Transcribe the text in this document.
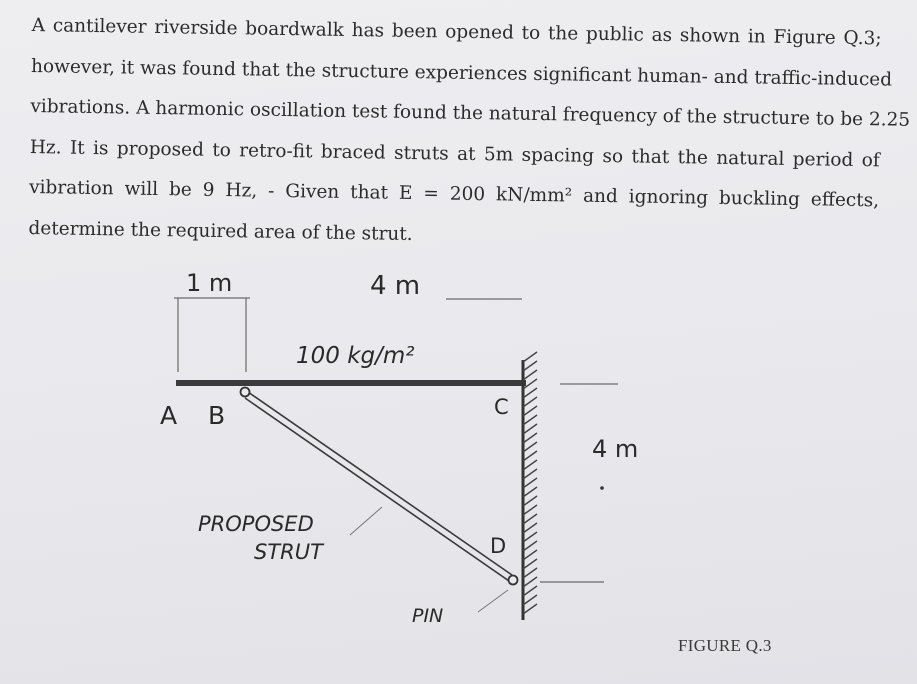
A cantilever riverside boardwalk has been opened to the public as shown in Figure Q.3;
however, it was found that the structure experiences significant human- and traffic-induced
vibrations. A harmonic oscillation test found the natural frequency of the structure to be 2.25
Hz. It is proposed to retro-fit braced struts at 5m spacing so that the natural period of
vibration will be 9 Hz, - Given that E = 200 kN/mm² and ignoring buckling effects,
determine the required area of the strut.
1 m	4 m
100 kg/m²
A B	C
D
4 m
PROPOSED
STRUT
PIN
FIGURE Q.3
